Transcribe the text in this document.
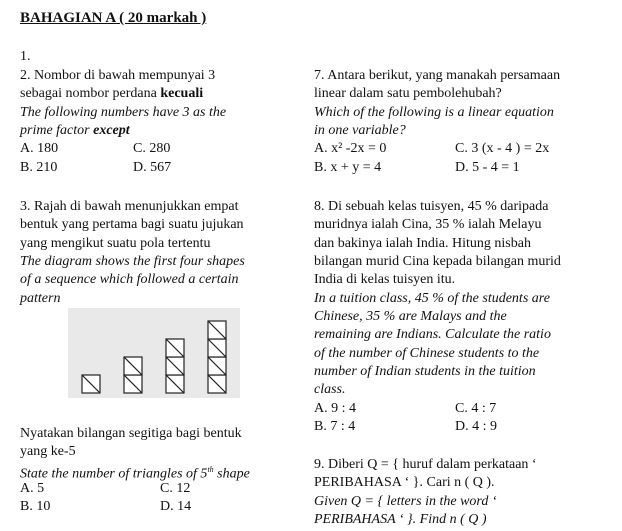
BAHAGIAN A ( 20 markah )
1.
2. Nombor di bawah mempunyai 3
sebagai nombor perdana kecuali
The following numbers have 3 as the
prime factor except
A. 180	C. 280
B. 210	D. 567
3. Rajah di bawah menunjukkan empat
bentuk yang pertama bagi suatu jujukan
yang mengikut suatu pola tertentu
The diagram shows the first four shapes
of a sequence which followed a certain
pattern
Nyatakan bilangan segitiga bagi bentuk
yang ke-5
State the number of triangles of 5th shape
A. 5	C. 12
B. 10	D. 14
7. Antara berikut, yang manakah persamaan
linear dalam satu pembolehubah?
Which of the following is a linear equation
in one variable?
A. x² -2x = 0	C. 3 (x - 4 ) = 2x
B. x + y = 4	D. 5 - 4 = 1
8. Di sebuah kelas tuisyen, 45 % daripada
muridnya ialah Cina, 35 % ialah Melayu
dan bakinya ialah India. Hitung nisbah
bilangan murid Cina kepada bilangan murid
India di kelas tuisyen itu.
In a tuition class, 45 % of the students are
Chinese, 35 % are Malays and the
remaining are Indians. Calculate the ratio
of the number of Chinese students to the
number of Indian students in the tuition
class.
A. 9 : 4	C. 4 : 7
B. 7 : 4	D. 4 : 9
9. Diberi Q = { huruf dalam perkataan ‘
PERIBAHASA ‘ }. Cari n ( Q ).
Given Q = { letters in the word ‘
PERIBAHASA ‘ }. Find n ( Q )
